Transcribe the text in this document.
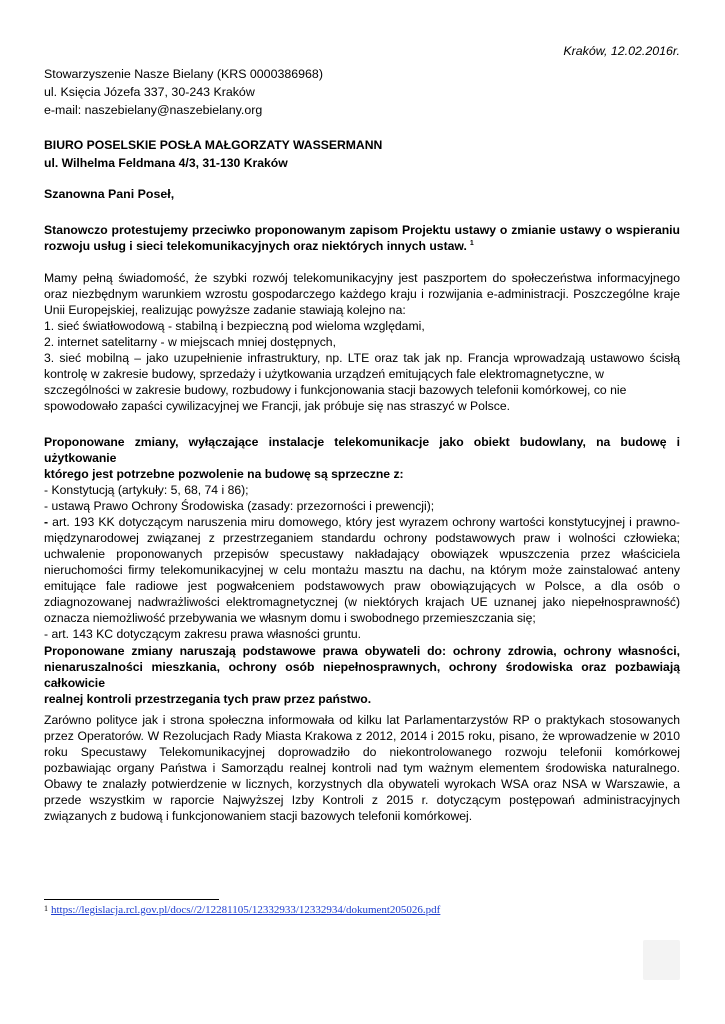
Kraków, 12.02.2016r.
Stowarzyszenie Nasze Bielany (KRS 0000386968)
ul. Księcia Józefa 337, 30-243 Kraków
e-mail: naszebielany@naszebielany.org
BIURO POSELSKIE POSŁA MAŁGORZATY WASSERMANN
ul. Wilhelma Feldmana 4/3, 31-130 Kraków
Szanowna Pani Poseł,
Stanowczo protestujemy przeciwko proponowanym zapisom Projektu ustawy o zmianie ustawy o wspieraniu
rozwoju usług i sieci telekomunikacyjnych oraz niektórych innych ustaw. $^1$
Mamy pełną świadomość, że szybki rozwój telekomunikacyjny jest paszportem do społeczeństwa informacyjnego
oraz niezbędnym warunkiem wzrostu gospodarczego każdego kraju i rozwijania e-administracji. Poszczególne kraje
Unii Europejskiej, realizując powyższe zadanie stawiają kolejno na:
1. sieć światłowodową - stabilną i bezpieczną pod wieloma względami,
2. internet satelitarny - w miejscach mniej dostępnych,
3. sieć mobilną – jako uzupełnienie infrastruktury, np. LTE oraz tak jak np. Francja wprowadzają ustawowo ścisłą
kontrolę w zakresie budowy, sprzedaży i użytkowania urządzeń emitujących fale elektromagnetyczne, w
szczególności w zakresie budowy, rozbudowy i funkcjonowania stacji bazowych telefonii komórkowej, co nie
spowodowało zapaści cywilizacyjnej we Francji, jak próbuje się nas straszyć w Polsce.
Proponowane zmiany, wyłączające instalacje telekomunikacje jako obiekt budowlany, na budowę i użytkowanie
którego jest potrzebne pozwolenie na budowę są sprzeczne z:
- Konstytucją (artykuły: 5, 68, 74 i 86);
- ustawą Prawo Ochrony Środowiska (zasady: przezorności i prewencji);
- art. 193 KK dotyczącym naruszenia miru domowego, który jest wyrazem ochrony wartości konstytucyjnej i prawno-
międzynarodowej związanej z przestrzeganiem standardu ochrony podstawowych praw i wolności człowieka;
uchwalenie proponowanych przepisów specustawy nakładający obowiązek wpuszczenia przez właściciela
nieruchomości firmy telekomunikacyjnej w celu montażu masztu na dachu, na którym może zainstalować anteny
emitujące fale radiowe jest pogwałceniem podstawowych praw obowiązujących w Polsce, a dla osób o
zdiagnozowanej nadwrażliwości elektromagnetycznej (w niektórych krajach UE uznanej jako niepełnosprawność)
oznacza niemożliwość przebywania we własnym domu i swobodnego przemieszczania się;
- art. 143 KC dotyczącym zakresu prawa własności gruntu.
Proponowane zmiany naruszają podstawowe prawa obywateli do: ochrony zdrowia, ochrony własności,
nienaruszalności mieszkania, ochrony osób niepełnosprawnych, ochrony środowiska oraz pozbawiają całkowicie
realnej kontroli przestrzegania tych praw przez państwo.
Zarówno polityce jak i strona społeczna informowała od kilku lat Parlamentarzystów RP o praktykach stosowanych
przez Operatorów. W Rezolucjach Rady Miasta Krakowa z 2012, 2014 i 2015 roku, pisano, że wprowadzenie w 2010
roku Specustawy Telekomunikacyjnej doprowadziło do niekontrolowanego rozwoju telefonii komórkowej
pozbawiając organy Państwa i Samorządu realnej kontroli nad tym ważnym elementem środowiska naturalnego.
Obawy te znalazły potwierdzenie w licznych, korzystnych dla obywateli wyrokach WSA oraz NSA w Warszawie, a
przede wszystkim w raporcie Najwyższej Izby Kontroli z 2015 r. dotyczącym postępowań administracyjnych
związanych z budową i funkcjonowaniem stacji bazowych telefonii komórkowej.
$^1$ https://legislacja.rcl.gov.pl/docs//2/12281105/12332933/12332934/dokument205026.pdf
